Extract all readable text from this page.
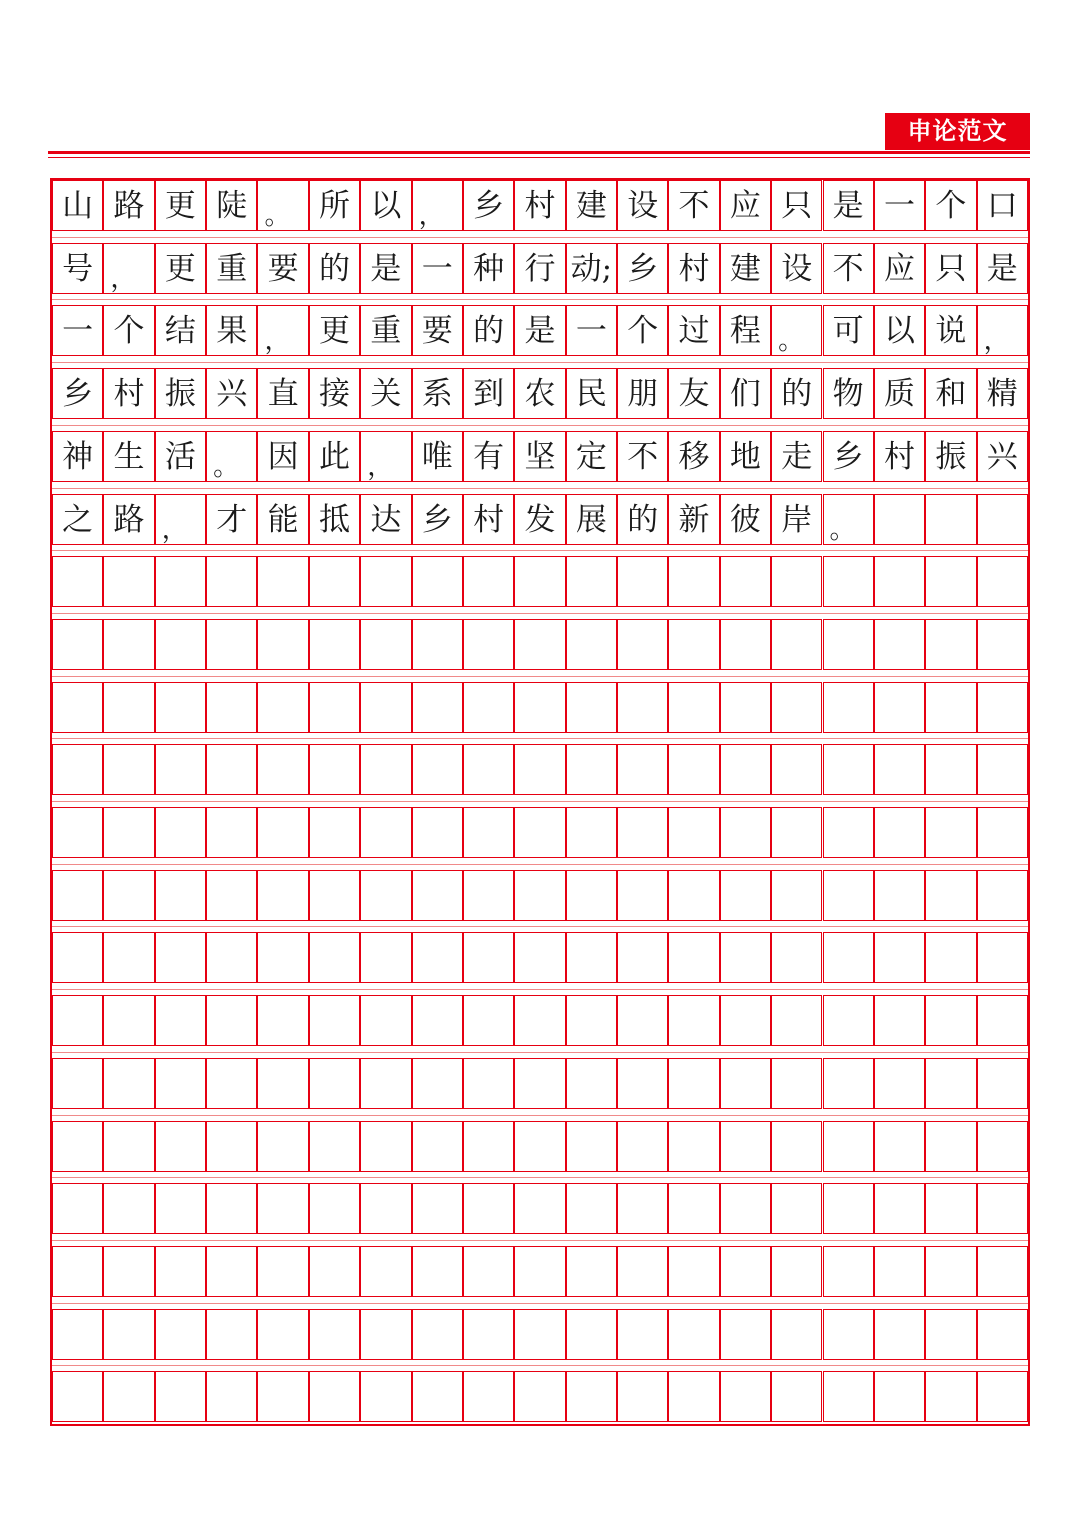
申论范文
山 路 更 陡 。 所 以 ， 乡 村 建 设 不 应 只 是 一 个 口
号 ， 更 重 要 的 是 一 种 行 动; 乡 村 建 设 不 应 只 是
一 个 结 果 ， 更 重 要 的 是 一 个 过 程 。 可 以 说 ，
乡 村 振 兴 直 接 关 系 到 农 民 朋 友 们 的 物 质 和 精
神 生 活 。 因 此 ， 唯 有 坚 定 不 移 地 走 乡 村 振 兴
之 路 ， 才 能 抵 达 乡 村 发 展 的 新 彼 岸 。
